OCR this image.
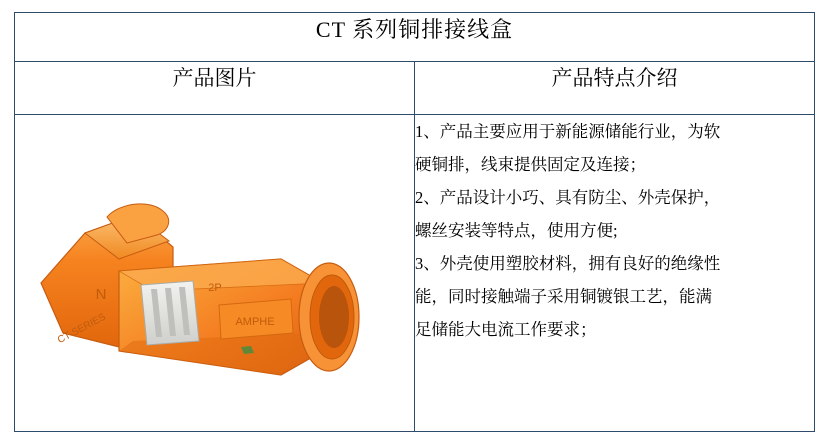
CT 系列铜排接线盒	
产品图片	产品特点介绍

AMPHE
N	2P
CT-SERIES

1、产品主要应用于新能源储能行业，为软
硬铜排，线束提供固定及连接；
2、产品设计小巧、具有防尘、外壳保护，
螺丝安装等特点，使用方便;
3、外壳使用塑胶材料，拥有良好的绝缘性
能，同时接触端子采用铜镀银工艺，能满
足储能大电流工作要求；
